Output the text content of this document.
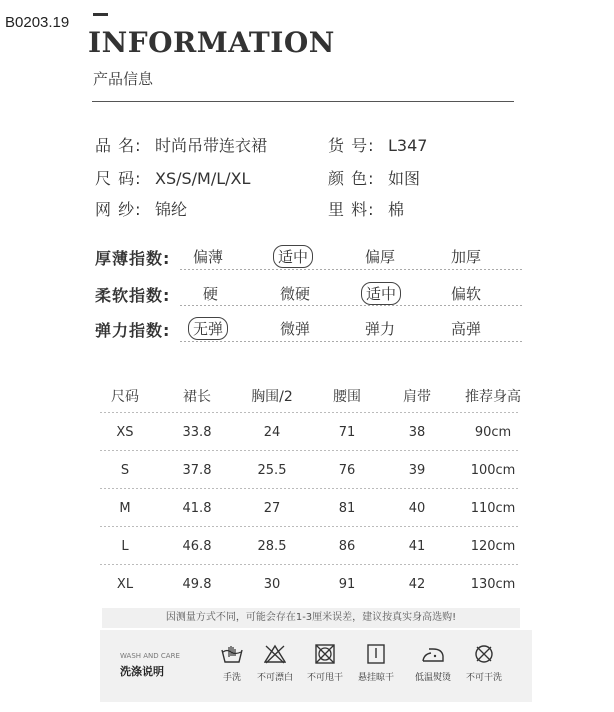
B0203.19
INFORMATION
产品信息
品 名: 时尚吊带连衣裙	货 号: L347
尺 码: XS/S/M/L/XL	颜 色: 如图
网 纱: 锦纶	里 料: 棉
厚薄指数: 偏薄	适中	偏厚	加厚
柔软指数: 硬	微硬	适中	偏软
弹力指数:	无弹	微弹	弹力	高弹
尺码	裙长	胸围/2	腰围	肩带	推荐身高
XS	33.8	24	71	38	90cm
S	37.8	25.5	76	39	100cm
M	41.8	27	81	40	110cm
L	46.8	28.5	86	41	120cm
XL	49.8	30	91	42	130cm
因测量方式不同，可能会存在1-3厘米误差，建议按真实身高选购!
WASH AND CARE
洗涤说明	手洗	不可漂白 不可甩干 悬挂晾干 低温熨烫 不可干洗
